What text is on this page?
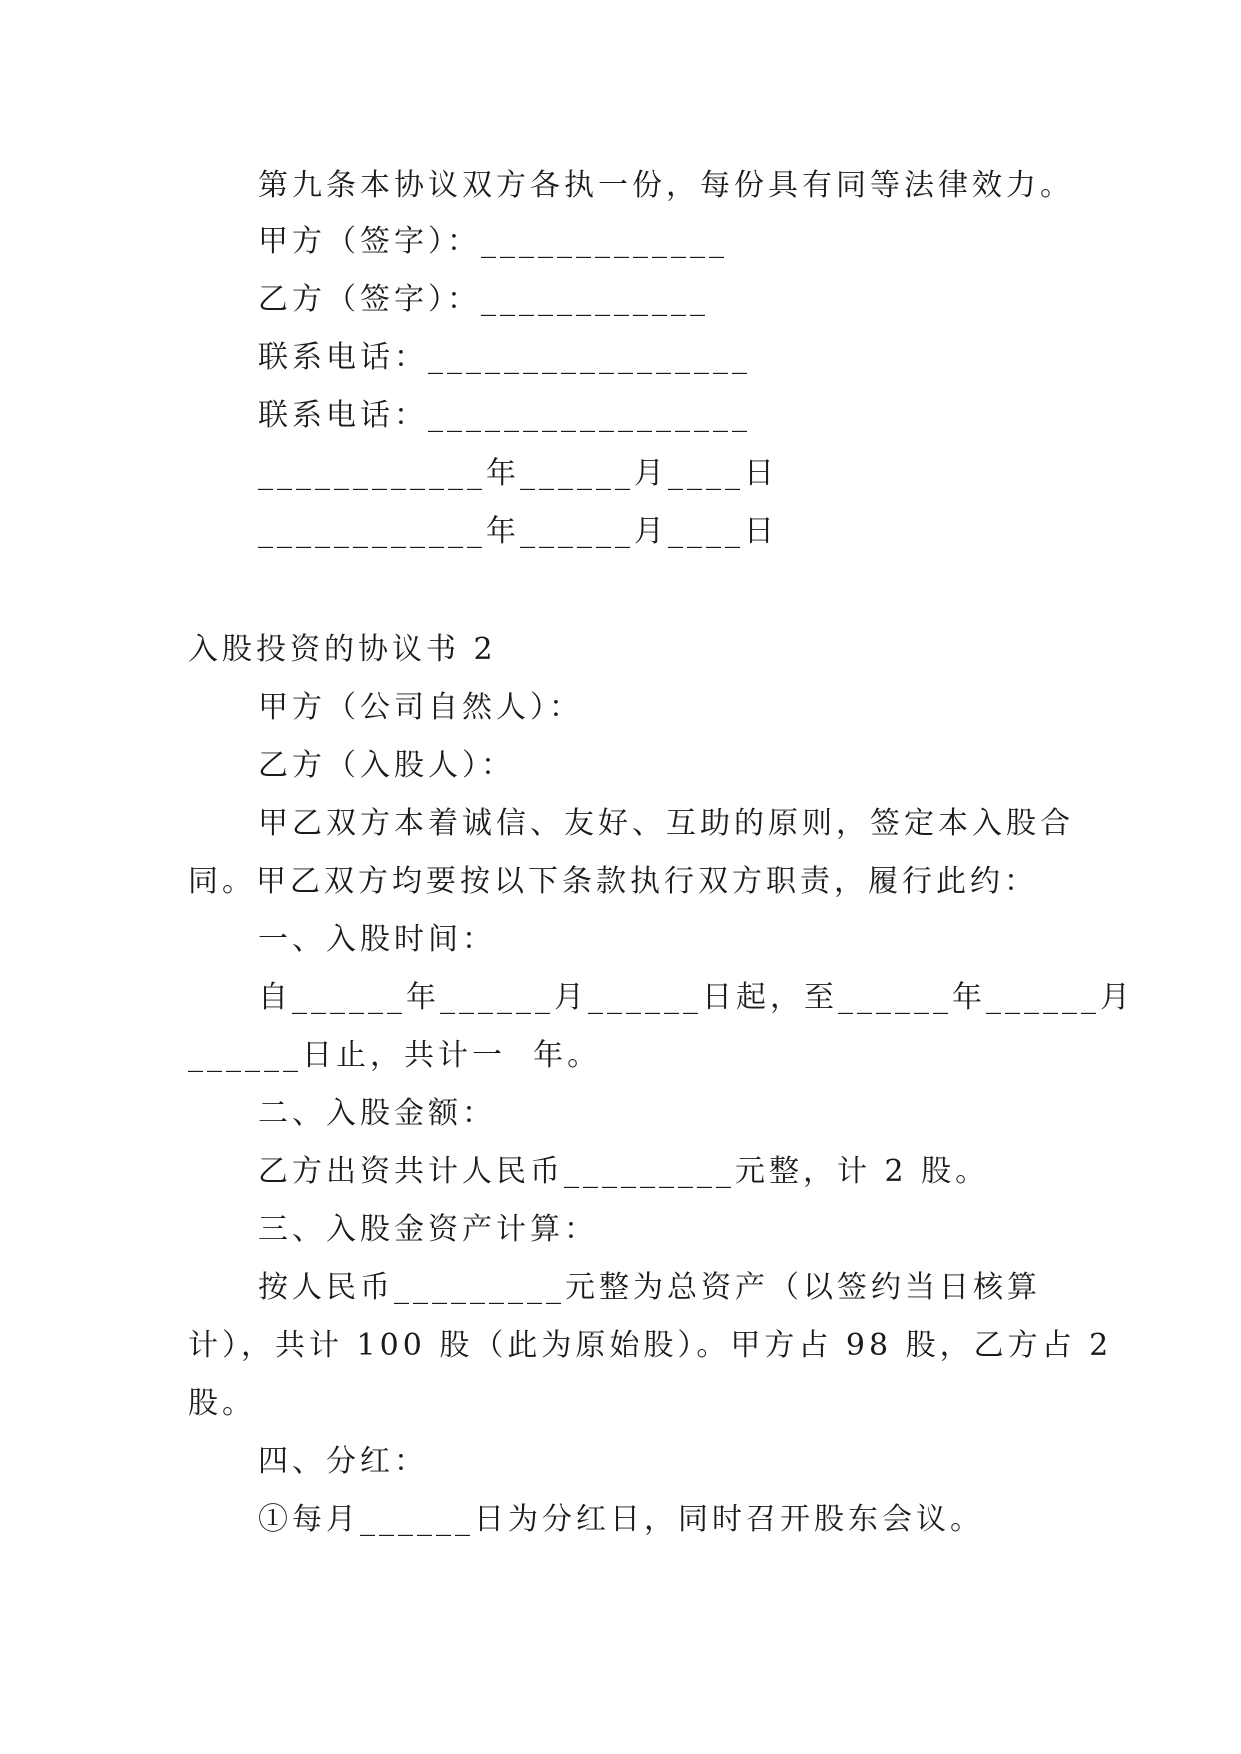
第九条本协议双方各执一份，每份具有同等法律效力。
甲方（签字）：_____________
乙方（签字）：____________
联系电话：_________________
联系电话：_________________
____________年______月____日
____________年______月____日
入股投资的协议书 2
甲方（公司自然人）：
乙方（入股人）：
甲乙双方本着诚信、友好、互助的原则，签定本入股合
同。甲乙双方均要按以下条款执行双方职责，履行此约：
一、入股时间：
自______年______月______日起，至______年______月
______日止，共计一  年。
二、入股金额：
乙方出资共计人民币_________元整，计 2 股。
三、入股金资产计算：
按人民币_________元整为总资产（以签约当日核算
计），共计 100 股（此为原始股）。甲方占 98 股，乙方占 2
股。
四、分红：
①每月______日为分红日，同时召开股东会议。
